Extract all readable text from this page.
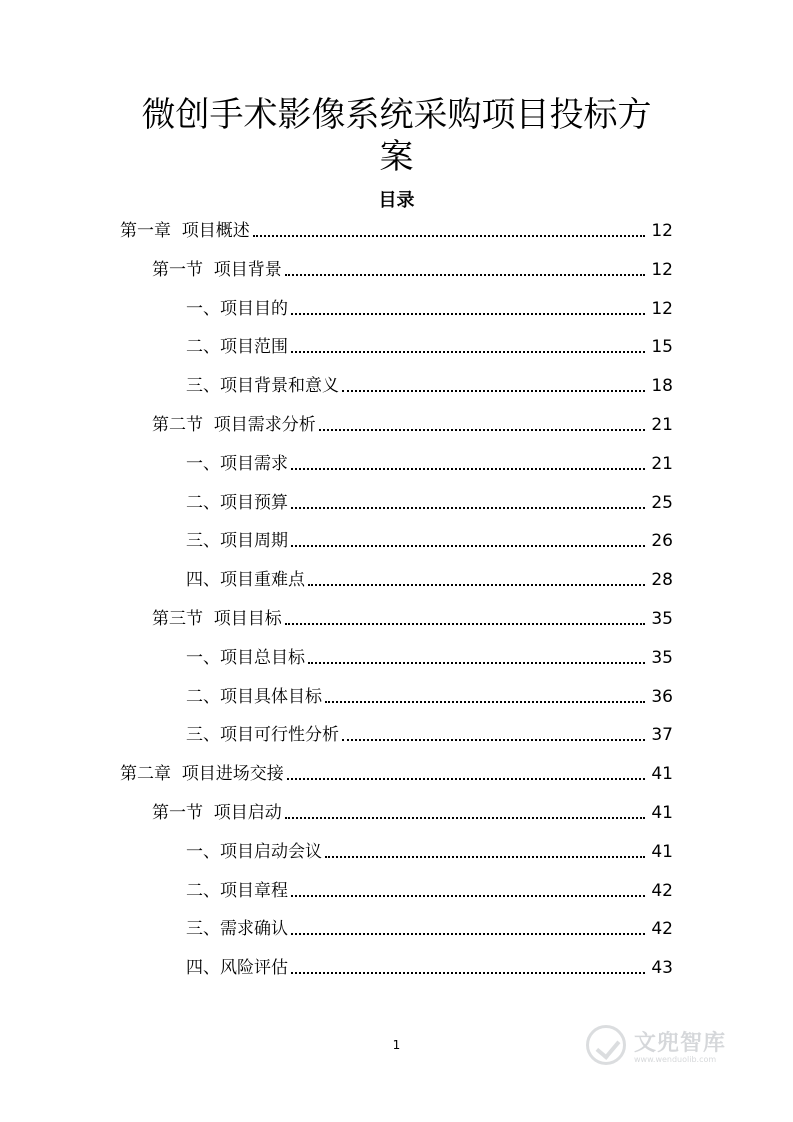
微创手术影像系统采购项目投标方
案
目录
第一章  项目概述	12
第一节  项目背景	12
一、项目目的	12
二、项目范围	15
三、项目背景和意义	18
第二节  项目需求分析	21
一、项目需求	21
二、项目预算	25
三、项目周期	26
四、项目重难点	28
第三节  项目目标	35
一、项目总目标	35
二、项目具体目标	36
三、项目可行性分析	37
第二章  项目进场交接	41
第一节  项目启动	41
一、项目启动会议	41
二、项目章程	42
三、需求确认	42
四、风险评估	43
1	文兜智库
www.wenduolib.com
